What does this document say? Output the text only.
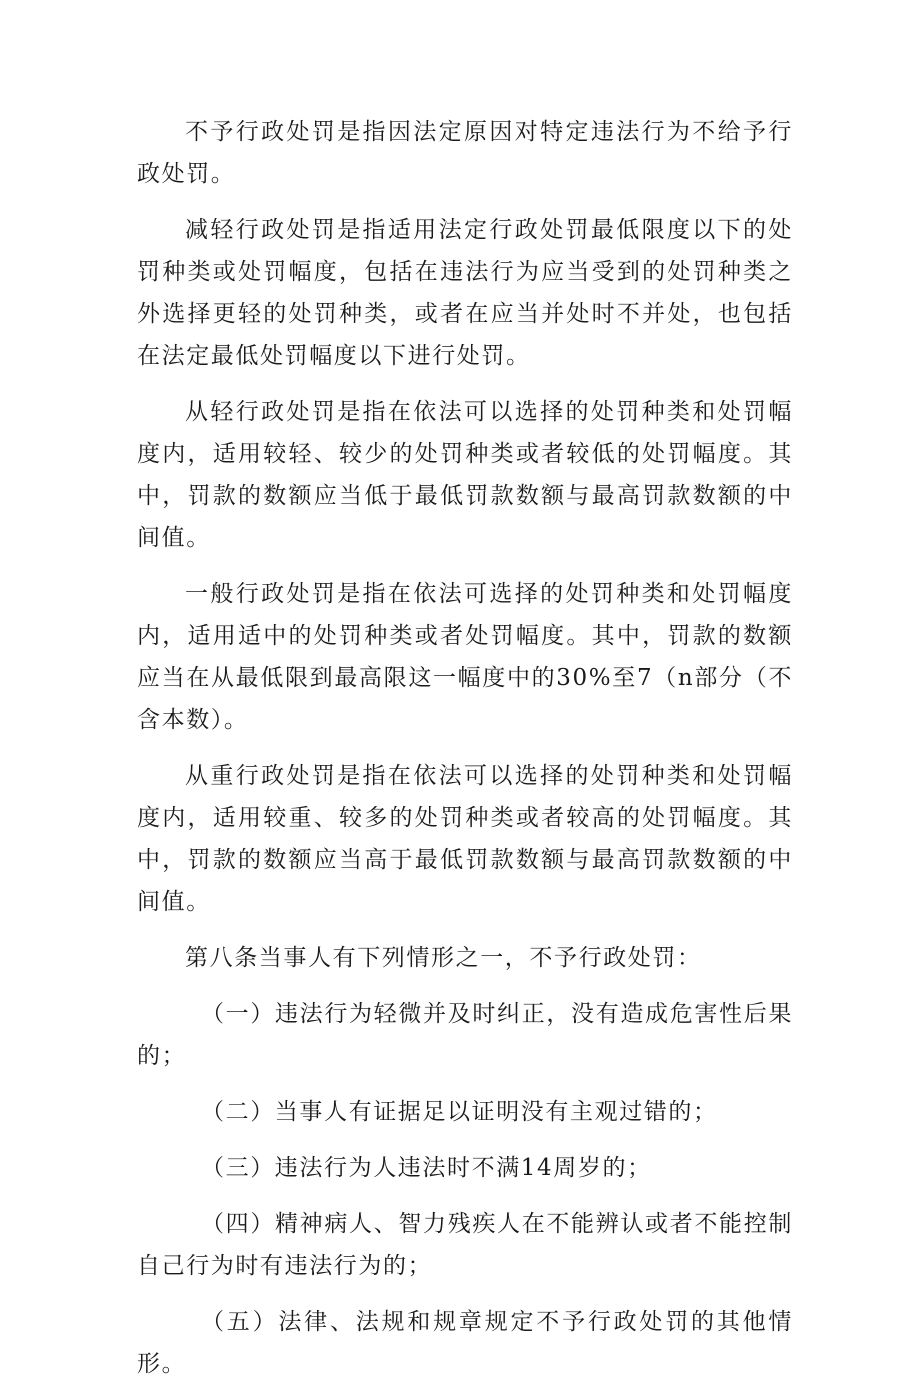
不予行政处罚是指因法定原因对特定违法行为不给予行政处罚。

减轻行政处罚是指适用法定行政处罚最低限度以下的处罚种类或处罚幅度，包括在违法行为应当受到的处罚种类之外选择更轻的处罚种类，或者在应当并处时不并处，也包括在法定最低处罚幅度以下进行处罚。

从轻行政处罚是指在依法可以选择的处罚种类和处罚幅度内，适用较轻、较少的处罚种类或者较低的处罚幅度。其中，罚款的数额应当低于最低罚款数额与最高罚款数额的中间值。

一般行政处罚是指在依法可选择的处罚种类和处罚幅度内，适用适中的处罚种类或者处罚幅度。其中，罚款的数额应当在从最低限到最高限这一幅度中的30%至7（n部分（不含本数）。

从重行政处罚是指在依法可以选择的处罚种类和处罚幅度内，适用较重、较多的处罚种类或者较高的处罚幅度。其中，罚款的数额应当高于最低罚款数额与最高罚款数额的中间值。

第八条当事人有下列情形之一，不予行政处罚：

（一）违法行为轻微并及时纠正，没有造成危害性后果的；

（二）当事人有证据足以证明没有主观过错的；

（三）违法行为人违法时不满14周岁的；

（四）精神病人、智力残疾人在不能辨认或者不能控制自己行为时有违法行为的；

（五）法律、法规和规章规定不予行政处罚的其他情形。
